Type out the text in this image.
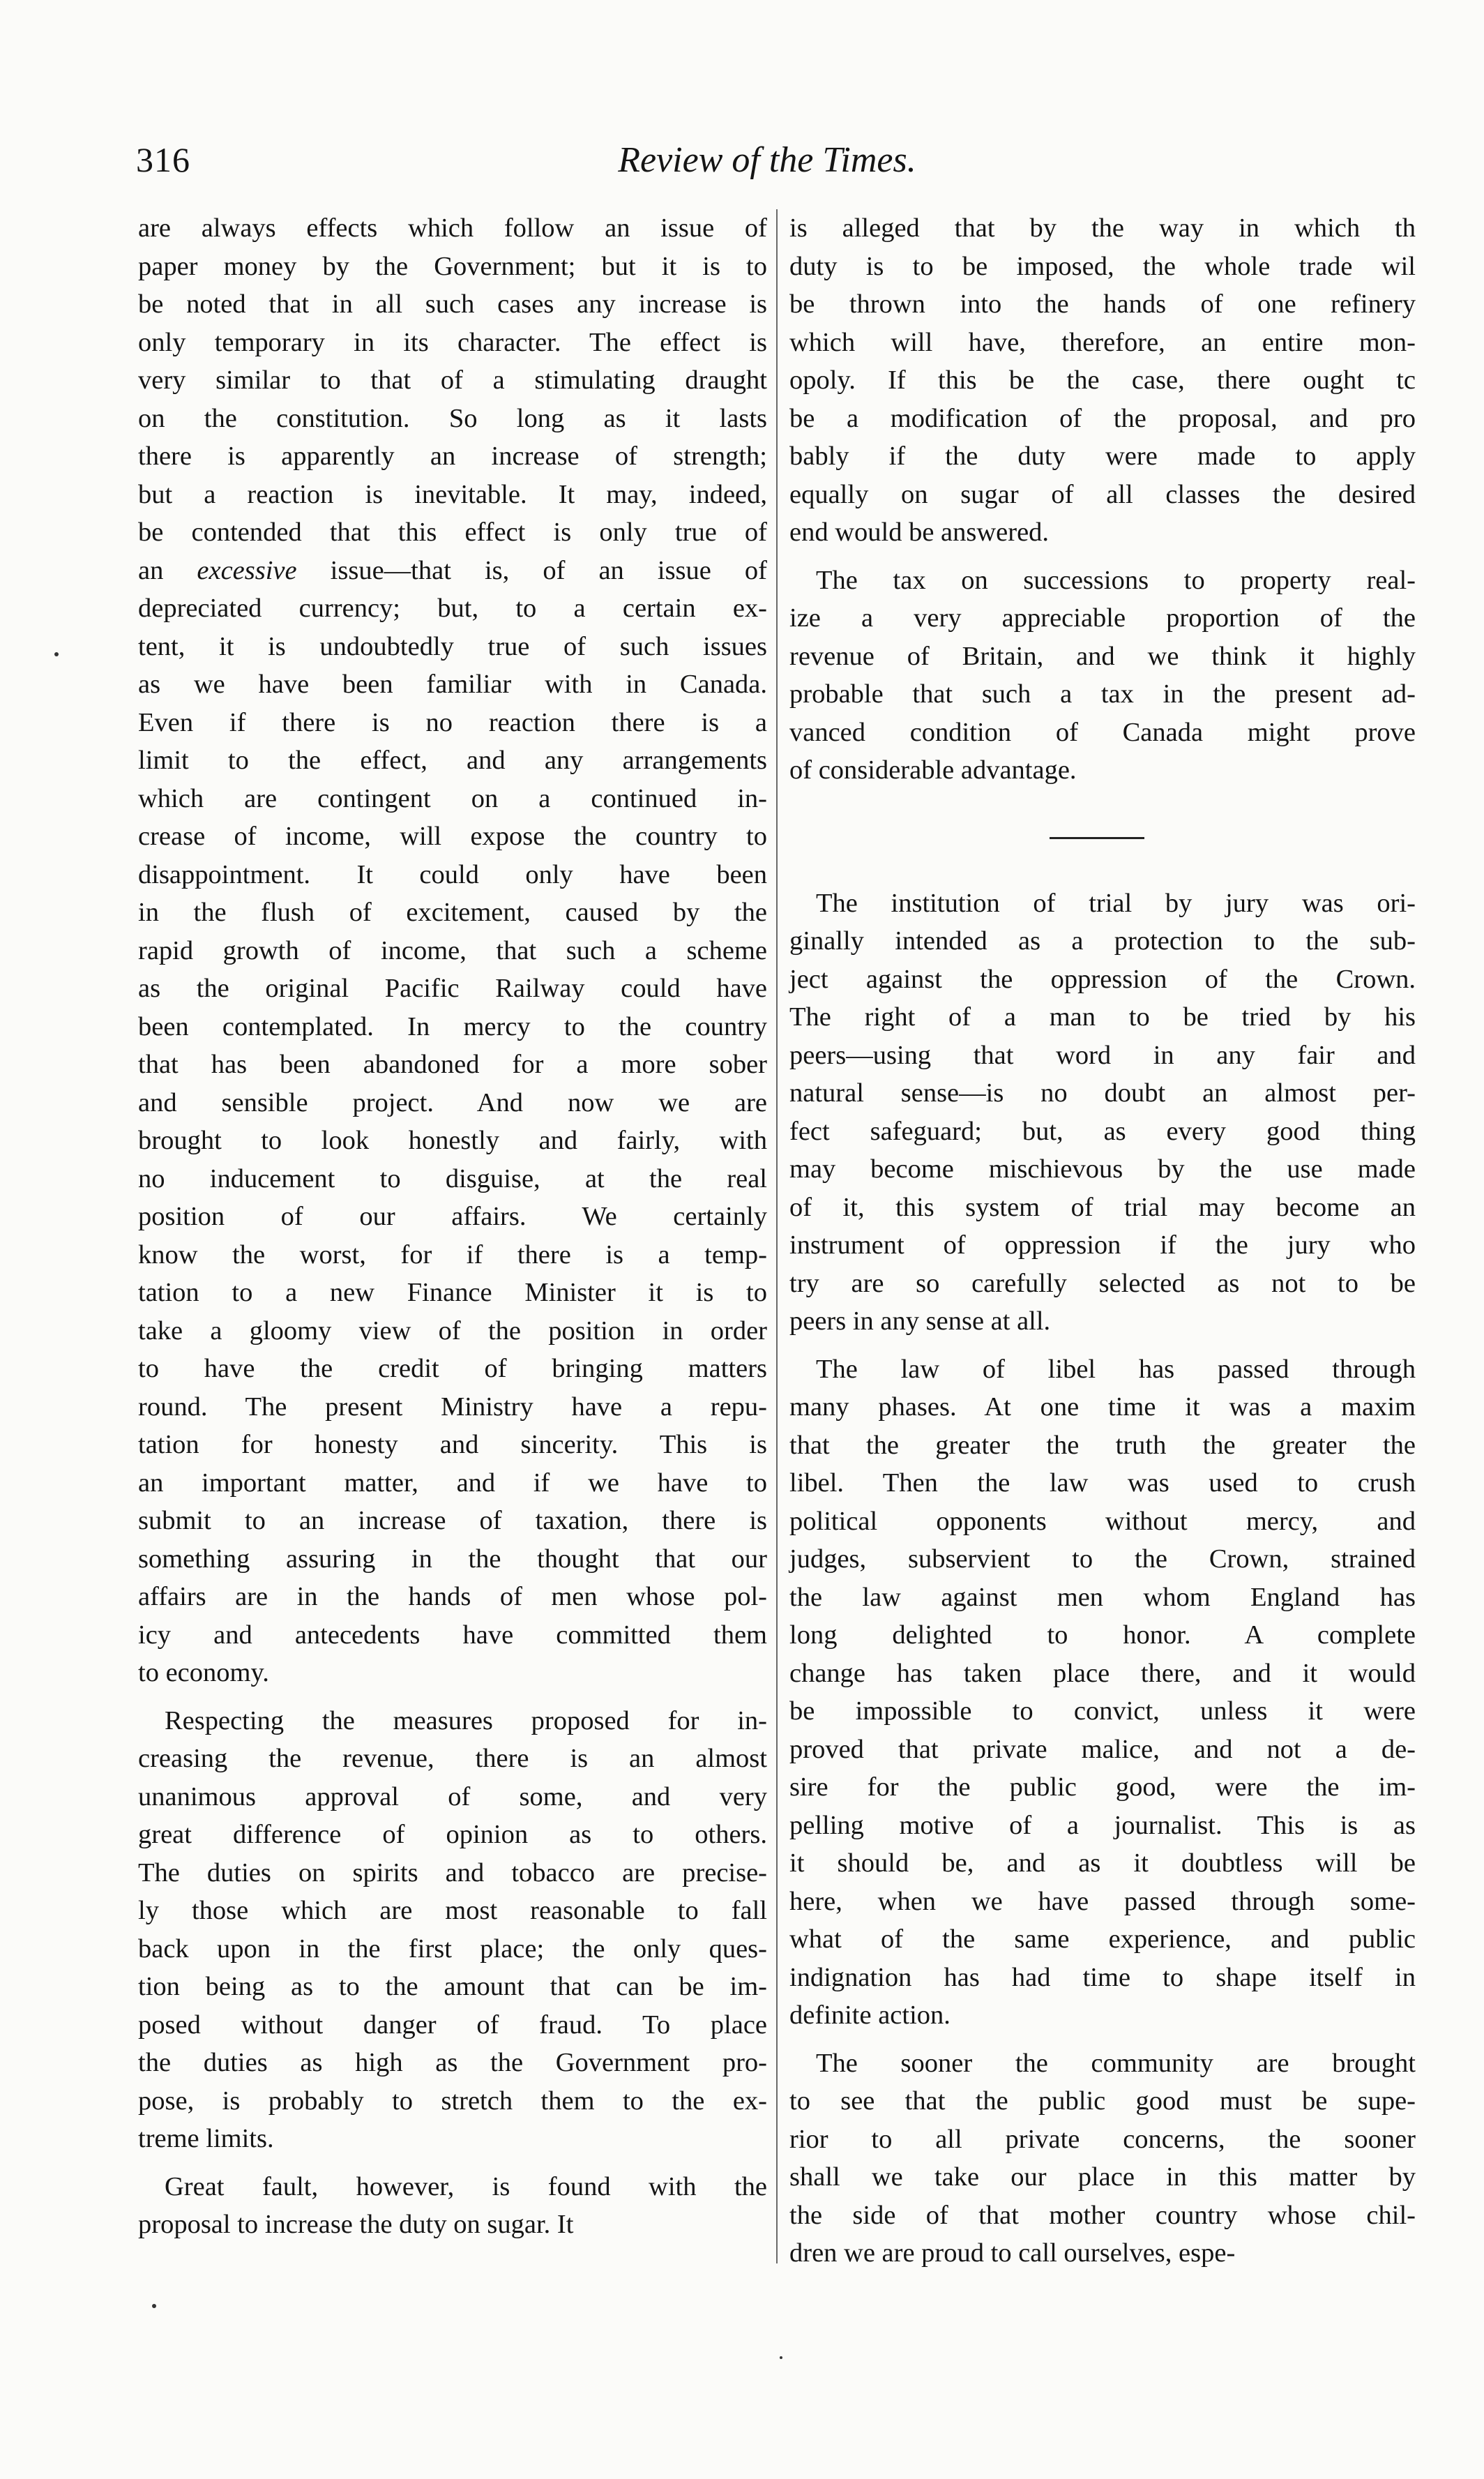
316	Review of the Times.
are always effects which follow an issue of
paper money by the Government; but it is to
be noted that in all such cases any increase is
only temporary in its character. The effect is
very similar to that of a stimulating draught
on the constitution. So long as it lasts
there is apparently an increase of strength;
but a reaction is inevitable. It may, indeed,
be contended that this effect is only true of
an excessive issue—that is, of an issue of
depreciated currency; but, to a certain ex-
tent, it is undoubtedly true of such issues
as we have been familiar with in Canada.
Even if there is no reaction there is a
limit to the effect, and any arrangements
which are contingent on a continued in-
crease of income, will expose the country to
disappointment. It could only have been
in the flush of excitement, caused by the
rapid growth of income, that such a scheme
as the original Pacific Railway could have
been contemplated. In mercy to the country
that has been abandoned for a more sober
and sensible project. And now we are
brought to look honestly and fairly, with
no inducement to disguise, at the real
position of our affairs. We certainly
know the worst, for if there is a temp-
tation to a new Finance Minister it is to
take a gloomy view of the position in order
to have the credit of bringing matters
round. The present Ministry have a repu-
tation for honesty and sincerity. This is
an important matter, and if we have to
submit to an increase of taxation, there is
something assuring in the thought that our
affairs are in the hands of men whose pol-
icy and antecedents have committed them
to economy.
Respecting the measures proposed for in-
creasing the revenue, there is an almost
unanimous approval of some, and very
great difference of opinion as to others.
The duties on spirits and tobacco are precise-
ly those which are most reasonable to fall
back upon in the first place; the only ques-
tion being as to the amount that can be im-
posed without danger of fraud. To place
the duties as high as the Government pro-
pose, is probably to stretch them to the ex-
treme limits.
Great fault, however, is found with the
proposal to increase the duty on sugar. It
is alleged that by the way in which th
duty is to be imposed, the whole trade wil
be thrown into the hands of one refinery
which will have, therefore, an entire mon-
opoly. If this be the case, there ought tc
be a modification of the proposal, and pro
bably if the duty were made to apply
equally on sugar of all classes the desired
end would be answered.
The tax on successions to property real-
ize a very appreciable proportion of the
revenue of Britain, and we think it highly
probable that such a tax in the present ad-
vanced condition of Canada might prove
of considerable advantage.
The institution of trial by jury was ori-
ginally intended as a protection to the sub-
ject against the oppression of the Crown.
The right of a man to be tried by his
peers—using that word in any fair and
natural sense—is no doubt an almost per-
fect safeguard; but, as every good thing
may become mischievous by the use made
of it, this system of trial may become an
instrument of oppression if the jury who
try are so carefully selected as not to be
peers in any sense at all.
The law of libel has passed through
many phases. At one time it was a maxim
that the greater the truth the greater the
libel. Then the law was used to crush
political opponents without mercy, and
judges, subservient to the Crown, strained
the law against men whom England has
long delighted to honor. A complete
change has taken place there, and it would
be impossible to convict, unless it were
proved that private malice, and not a de-
sire for the public good, were the im-
pelling motive of a journalist. This is as
it should be, and as it doubtless will be
here, when we have passed through some-
what of the same experience, and public
indignation has had time to shape itself in
definite action.
The sooner the community are brought
to see that the public good must be supe-
rior to all private concerns, the sooner
shall we take our place in this matter by
the side of that mother country whose chil-
dren we are proud to call ourselves, espe-
